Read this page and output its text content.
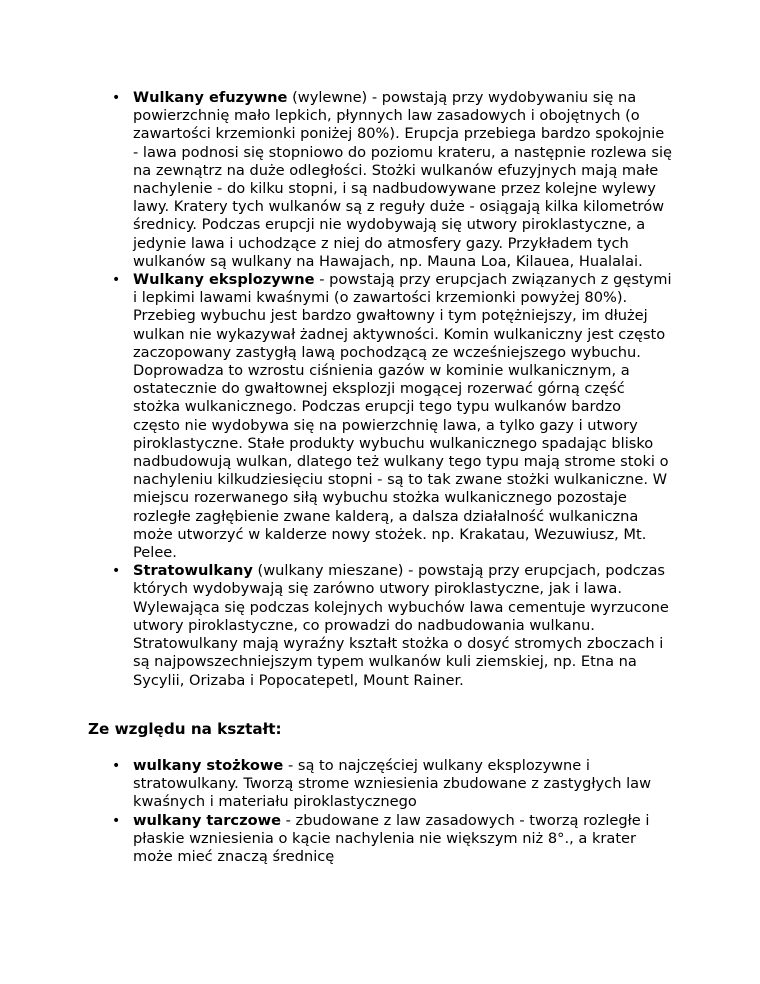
• Wulkany efuzywne (wylewne) - powstają przy wydobywaniu się na powierzchnię mało lepkich, płynnych law zasadowych i obojętnych (o zawartości krzemionki poniżej 80%). Erupcja przebiega bardzo spokojnie - lawa podnosi się stopniowo do poziomu krateru, a następnie rozlewa się na zewnątrz na duże odległości. Stożki wulkanów efuzyjnych mają małe nachylenie - do kilku stopni, i są nadbudowywane przez kolejne wylewy lawy. Kratery tych wulkanów są z reguły duże - osiągają kilka kilometrów średnicy. Podczas erupcji nie wydobywają się utwory piroklastyczne, a jedynie lawa i uchodzące z niej do atmosfery gazy. Przykładem tych wulkanów są wulkany na Hawajach, np. Mauna Loa, Kilauea, Hualalai.
• Wulkany eksplozywne - powstają przy erupcjach związanych z gęstymi i lepkimi lawami kwaśnymi (o zawartości krzemionki powyżej 80%). Przebieg wybuchu jest bardzo gwałtowny i tym potężniejszy, im dłużej wulkan nie wykazywał żadnej aktywności. Komin wulkaniczny jest często zaczopowany zastygłą lawą pochodzącą ze wcześniejszego wybuchu. Doprowadza to wzrostu ciśnienia gazów w kominie wulkanicznym, a ostatecznie do gwałtownej eksplozji mogącej rozerwać górną część stożka wulkanicznego. Podczas erupcji tego typu wulkanów bardzo często nie wydobywa się na powierzchnię lawa, a tylko gazy i utwory piroklastyczne. Stałe produkty wybuchu wulkanicznego spadając blisko nadbudowują wulkan, dlatego też wulkany tego typu mają strome stoki o nachyleniu kilkudziesięciu stopni - są to tak zwane stożki wulkaniczne. W miejscu rozerwanego siłą wybuchu stożka wulkanicznego pozostaje rozległe zagłębienie zwane kalderą, a dalsza działalność wulkaniczna może utworzyć w kalderze nowy stożek. np. Krakatau, Wezuwiusz, Mt. Pelee.
• Stratowulkany (wulkany mieszane) - powstają przy erupcjach, podczas których wydobywają się zarówno utwory piroklastyczne, jak i lawa. Wylewająca się podczas kolejnych wybuchów lawa cementuje wyrzucone utwory piroklastyczne, co prowadzi do nadbudowania wulkanu. Stratowulkany mają wyraźny kształt stożka o dosyć stromych zboczach i są najpowszechniejszym typem wulkanów kuli ziemskiej, np. Etna na Sycylii, Orizaba i Popocatepetl, Mount Rainer.
Ze względu na kształt:
• wulkany stożkowe - są to najczęściej wulkany eksplozywne i stratowulkany. Tworzą strome wzniesienia zbudowane z zastygłych law kwaśnych i materiału piroklastycznego
• wulkany tarczowe - zbudowane z law zasadowych - tworzą rozległe i płaskie wzniesienia o kącie nachylenia nie większym niż 8°., a krater może mieć znaczą średnicę
